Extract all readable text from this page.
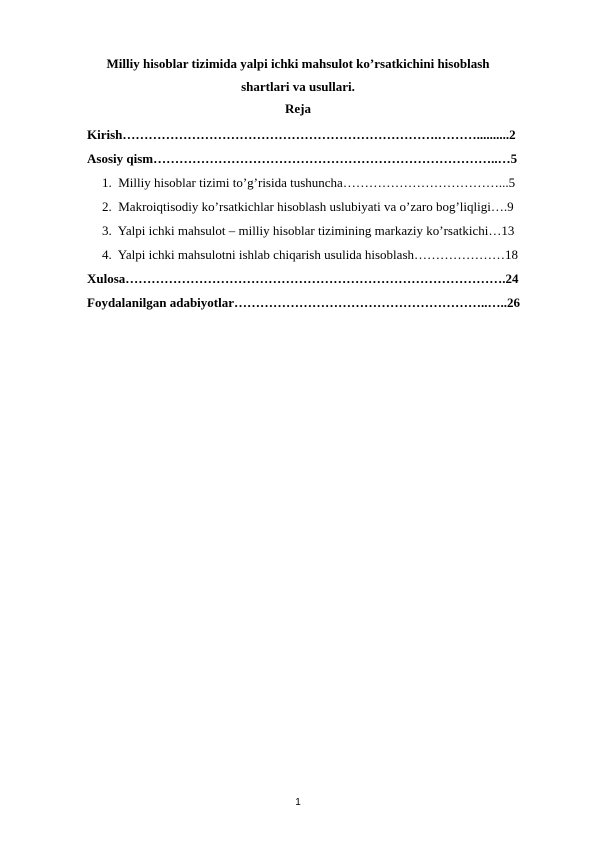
Milliy hisoblar tizimida yalpi ichki mahsulot ko’rsatkichini hisoblash
shartlari va usullari.
Reja
Kirish……………………………………………………………….………..........2
Asosiy qism……………………………………………………………………..…5
1. Milliy hisoblar tizimi to’g’risida tushuncha………………………………...5
2. Makroiqtisodiy ko’rsatkichlar hisoblash uslubiyati va o’zaro bog’liqligi….9
3. Yalpi ichki mahsulot – milliy hisoblar tizimining markaziy ko’rsatkichi…13
4. Yalpi ichki mahsulotni ishlab chiqarish usulida hisoblash…………………18
Xulosa…………………………………………………………………………….24
Foydalanilgan adabiyotlar…………………………………………………..…..26
1
